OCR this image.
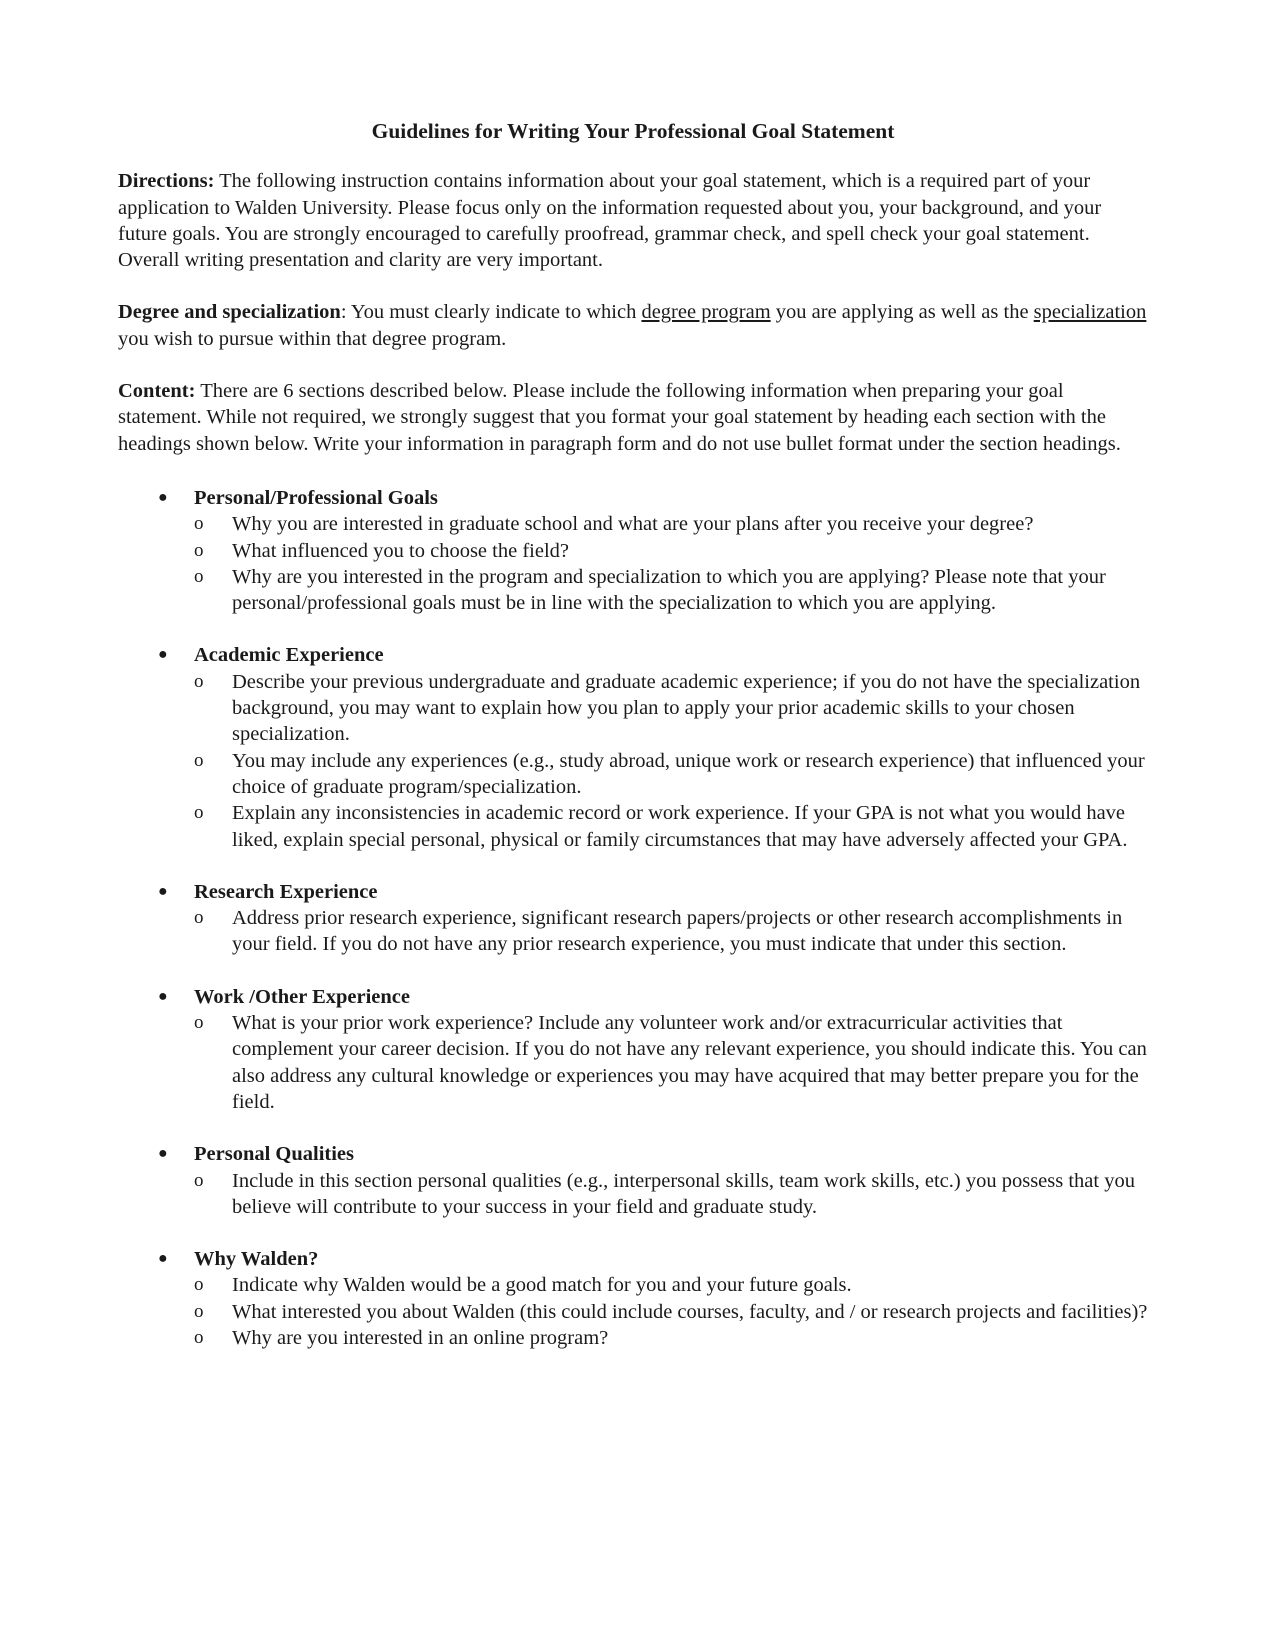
Guidelines for Writing Your Professional Goal Statement

Directions: The following instruction contains information about your goal statement, which is a required part of your application to Walden University. Please focus only on the information requested about you, your background, and your future goals. You are strongly encouraged to carefully proofread, grammar check, and spell check your goal statement. Overall writing presentation and clarity are very important.

Degree and specialization: You must clearly indicate to which degree program you are applying as well as the specialization you wish to pursue within that degree program.

Content: There are 6 sections described below. Please include the following information when preparing your goal statement. While not required, we strongly suggest that you format your goal statement by heading each section with the headings shown below. Write your information in paragraph form and do not use bullet format under the section headings.

● Personal/Professional Goals
o Why you are interested in graduate school and what are your plans after you receive your degree?
o What influenced you to choose the field?
o Why are you interested in the program and specialization to which you are applying? Please note that your personal/professional goals must be in line with the specialization to which you are applying.
● Academic Experience
o Describe your previous undergraduate and graduate academic experience; if you do not have the specialization background, you may want to explain how you plan to apply your prior academic skills to your chosen specialization.
o You may include any experiences (e.g., study abroad, unique work or research experience) that influenced your choice of graduate program/specialization.
o Explain any inconsistencies in academic record or work experience. If your GPA is not what you would have liked, explain special personal, physical or family circumstances that may have adversely affected your GPA.
● Research Experience
o Address prior research experience, significant research papers/projects or other research accomplishments in your field. If you do not have any prior research experience, you must indicate that under this section.
● Work /Other Experience
o What is your prior work experience? Include any volunteer work and/or extracurricular activities that complement your career decision. If you do not have any relevant experience, you should indicate this. You can also address any cultural knowledge or experiences you may have acquired that may better prepare you for the field.
● Personal Qualities
o Include in this section personal qualities (e.g., interpersonal skills, team work skills, etc.) you possess that you believe will contribute to your success in your field and graduate study.
● Why Walden?
o Indicate why Walden would be a good match for you and your future goals.
o What interested you about Walden (this could include courses, faculty, and / or research projects and facilities)?
o Why are you interested in an online program?
